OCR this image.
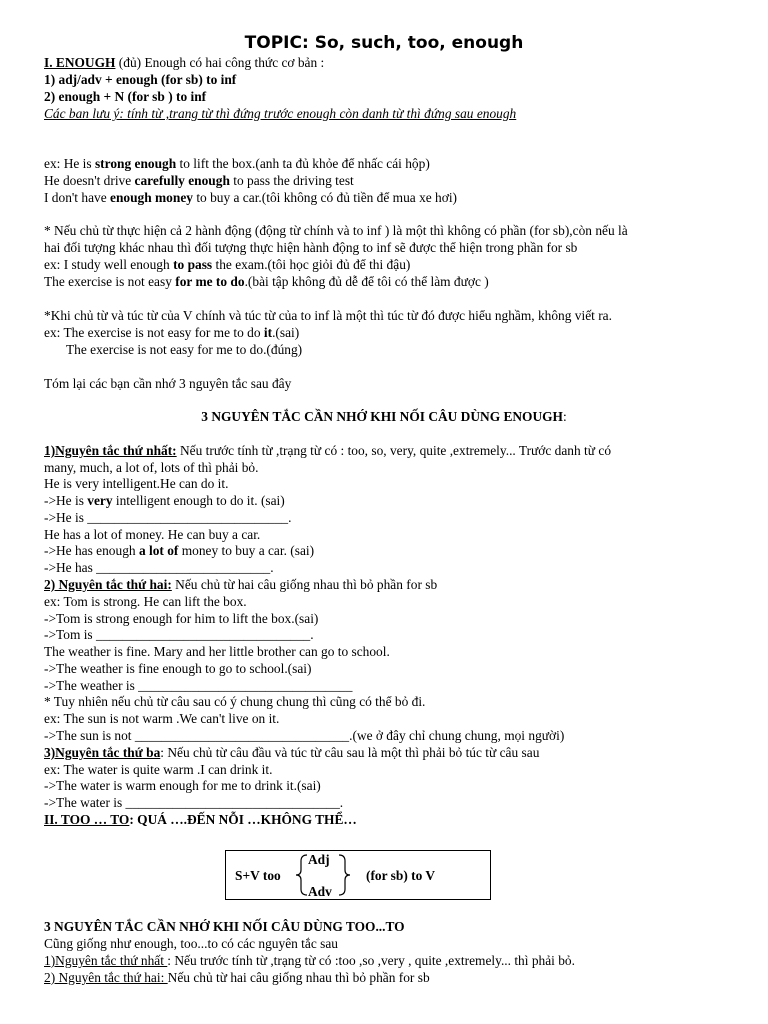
TOPIC: So, such, too, enough
I. ENOUGH (đủ) Enough có hai công thức cơ bản :
1) adj/adv + enough (for sb) to inf
2) enough + N (for sb ) to inf
Các ban lưu ý: tính từ ,trang từ thì đứng trước enough còn danh từ thì đứng sau enough
ex: He is strong enough to lift the box.(anh ta đủ khỏe để nhấc cái hộp)
He doesn't drive carefully enough to pass the driving test
I don't have enough money to buy a car.(tôi không có đủ tiền để mua xe hơi)
* Nếu chủ từ thực hiện cả 2 hành động (động từ chính và to inf ) là một thì không có phần (for sb),còn nếu là
hai đối tượng khác nhau thì đối tượng thực hiện hành động to inf sẽ được thể hiện trong phần for sb
ex: I study well enough to pass the exam.(tôi học giỏi đủ để thi đậu)
The exercise is not easy for me to do.(bài tập không đủ dễ để tôi có thể làm được )
*Khi chủ từ và túc từ của V chính và túc từ của to inf là một thì túc từ đó được hiểu nghầm, không viết ra.
ex: The exercise is not easy for me to do it.(sai)
The exercise is not easy for me to do.(đúng)
Tóm lại các bạn cần nhớ 3 nguyên tắc sau đây
3 NGUYÊN TẮC CẦN NHỚ KHI NỐI CÂU DÙNG ENOUGH:
1)Nguyên tắc thứ nhất: Nếu trước tính từ ,trạng từ có : too, so, very, quite ,extremely... Trước danh từ có
many, much, a lot of, lots of thì phải bỏ.
He is very intelligent.He can do it.
->He is very intelligent enough to do it. (sai)
->He is ______________________________.
He has a lot of money. He can buy a car.
->He has enough a lot of money to buy a car. (sai)
->He has __________________________.
2) Nguyên tắc thứ hai: Nếu chủ từ hai câu giống nhau thì bỏ phần for sb
ex: Tom is strong. He can lift the box.
->Tom is strong enough for him to lift the box.(sai)
->Tom is ________________________________.
The weather is fine. Mary and her little brother can go to school.
->The weather is fine enough to go to school.(sai)
->The weather is ________________________________
* Tuy nhiên nếu chủ từ câu sau có ý chung chung thì cũng có thể bỏ đi.
ex: The sun is not warm .We can't live on it.
->The sun is not ________________________________.(we ở đây chỉ chung chung, mọi người)
3)Nguyên tắc thứ ba: Nếu chủ từ câu đầu và túc từ câu sau là một thì phải bỏ túc từ câu sau
ex: The water is quite warm .I can drink it.
->The water is warm enough for me to drink it.(sai)
->The water is ________________________________.
II. TOO … TO: QUÁ ….ĐẾN NỖI …KHÔNG THỂ…
S+V too
Adj
Adv
(for sb) to V
3 NGUYÊN TẮC CẦN NHỚ KHI NỐI CÂU DÙNG TOO...TO
Cũng giống như enough, too...to có các nguyên tắc sau
1)Nguyên tắc thứ nhất : Nếu trước tính từ ,trạng từ có :too ,so ,very , quite ,extremely... thì phải bỏ.
2) Nguyên tắc thứ hai: Nếu chủ từ hai câu giống nhau thì bỏ phần for sb
